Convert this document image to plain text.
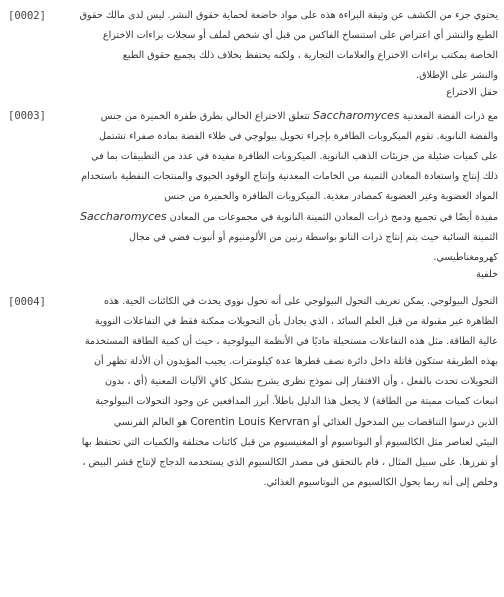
[0002]	يحتوي جزء من الكشف عن وثيقة البراءة هذه على مواد خاضعة لحماية حقوق النشر. ليس لدى مالك حقوق
الطبع والنشر أي اعتراض على استنساخ الفاكس من قبل أي شخص لملف أو سجلات براءات الاختراع
الخاصة بمكتب براءات الاختراع والعلامات التجارية ، ولكنه يحتفظ بخلاف ذلك بجميع حقوق الطبع
والنشر على الإطلاق.
حقل الاختراع
[0003]	مع ذرات الفضة المعدنية Saccharomyces تتعلق الاختراع الحالي بطرق طفرة الخميرة من جنس
والفضة النانوية. تقوم الميكروبات الطافرة بإجراء تحويل بيولوجي في طلاء الفضة بمادة صفراء تشتمل
على كميات ضئيلة من جزيئات الذهب النانوية. الميكروبات الطافرة مفيدة في عدد من التطبيقات بما في
ذلك إنتاج واستعادة المعادن الثمينة من الخامات المعدنية وإنتاج الوقود الحيوي والمنتجات النفطية باستخدام
المواد العضوية وغير العضوية كمصادر مغذية. الميكروبات الطافرة والخميرة من جنس
مفيدة أيضًا في تجميع ودمج ذرات المعادن الثمينة النانوية في مجموعات من المعادن Saccharomyces
الثمينة السائبة حيث يتم إنتاج ذرات النانو بواسطة رنين من الألومنيوم أو أنبوب فضي في مجال
كهرومغناطيسي.
خلفية
[0004]	التحول البيولوجي. يمكن تعريف التحول البيولوجي على أنه تحول نووي يحدث في الكائنات الحية. هذه
الظاهرة غير مقبولة من قبل العلم السائد ، الذي يجادل بأن التحويلات ممكنة فقط في التفاعلات النووية
عالية الطاقة. مثل هذه التفاعلات مستحيلة ماديًا في الأنظمة البيولوجية ، حيث أن كمية الطاقة المستخدمة
بهذه الطريقة ستكون قاتلة داخل دائرة نصف قطرها عدة كيلومترات. يجيب المؤيدون أن الأدلة تظهر أن
التحويلات تحدث بالفعل ، وأن الافتقار إلى نموذج نظري يشرح بشكل كافٍ الآليات المعنية (أي ، بدون
انبعاث كميات مميتة من الطاقة) لا يجعل هذا الدليل باطلاً. أبرز المدافعين عن وجود التحولات البيولوجية
الذين درسوا التناقضات بين المدخول الغذائي أو Corentin Louis Kervran هو العالم الفرنسي
البيئي لعناصر مثل الكالسيوم أو البوتاسيوم أو المغنيسيوم من قبل كائنات مختلفة والكميات التي تحتفظ بها
أو تفرزها. على سبيل المثال ، قام بالتحقق في مصدر الكالسيوم الذي يستخدمه الدجاج لإنتاج قشر البيض ،
وخلص إلى أنه ربما يحول الكالسيوم من البوتاسيوم الغذائي.
